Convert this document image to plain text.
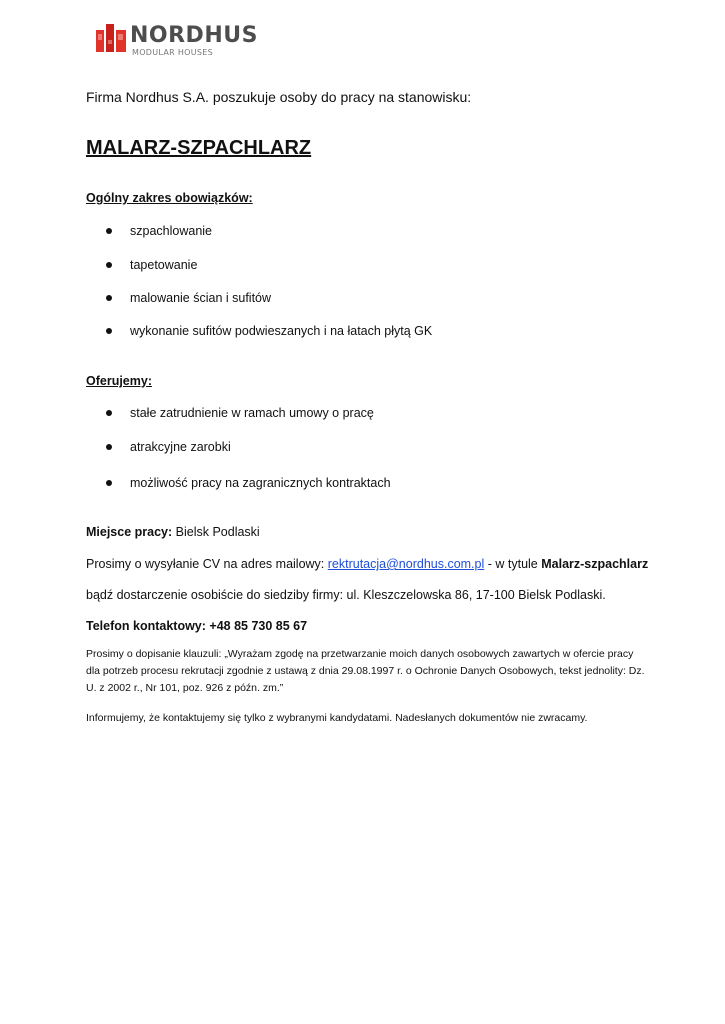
NORDHUS
MODULAR HOUSES
Firma Nordhus S.A. poszukuje osoby do pracy na stanowisku:
MALARZ-SZPACHLARZ
Ogólny zakres obowiązków:
szpachlowanie
tapetowanie
malowanie ścian i sufitów
wykonanie sufitów podwieszanych i na łatach płytą GK
Oferujemy:
stałe zatrudnienie w ramach umowy o pracę
atrakcyjne zarobki
możliwość pracy na zagranicznych kontraktach
Miejsce pracy: Bielsk Podlaski
Prosimy o wysyłanie CV na adres mailowy: rektrutacja@nordhus.com.pl - w tytule Malarz-szpachlarz
bądź dostarczenie osobiście do siedziby firmy: ul. Kleszczelowska 86, 17-100 Bielsk Podlaski.
Telefon kontaktowy: +48 85 730 85 67
Prosimy o dopisanie klauzuli: „Wyrażam zgodę na przetwarzanie moich danych osobowych zawartych w ofercie pracy dla potrzeb procesu rekrutacji zgodnie z ustawą z dnia 29.08.1997 r. o Ochronie Danych Osobowych, tekst jednolity: Dz. U. z 2002 r., Nr 101, poz. 926 z późn. zm.”
Informujemy, że kontaktujemy się tylko z wybranymi kandydatami. Nadesłanych dokumentów nie zwracamy.
